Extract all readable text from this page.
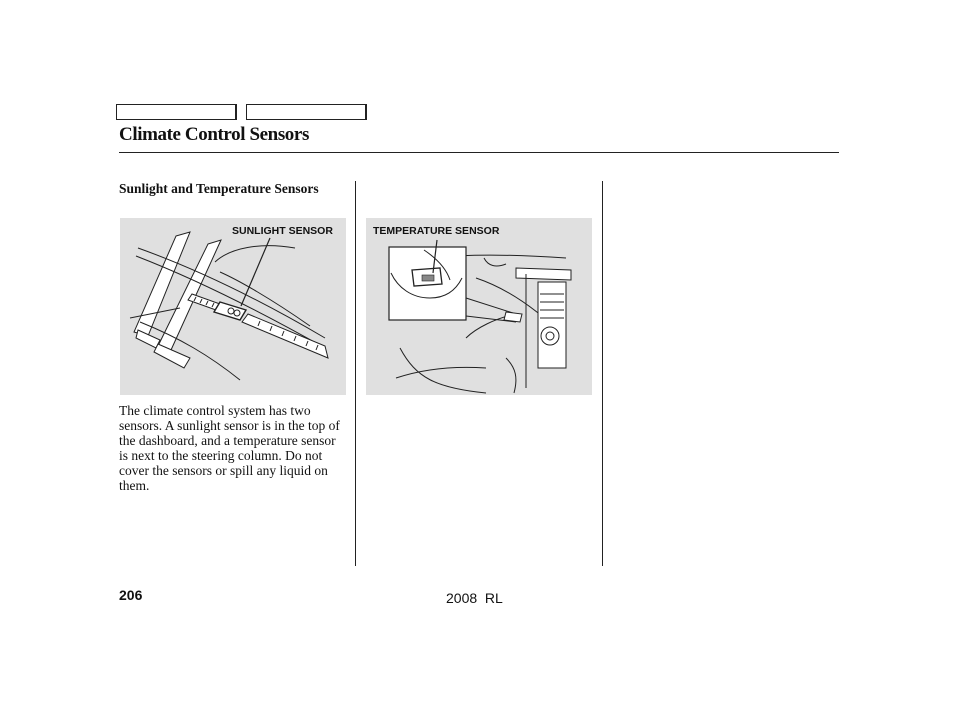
Climate Control Sensors
Sunlight and Temperature Sensors
SUNLIGHT SENSOR	TEMPERATURE SENSOR

The climate control system has two sensors. A sunlight sensor is in the top of the dashboard, and a temperature sensor is next to the steering column. Do not cover the sensors or spill any liquid on them.

206	2008  RL
